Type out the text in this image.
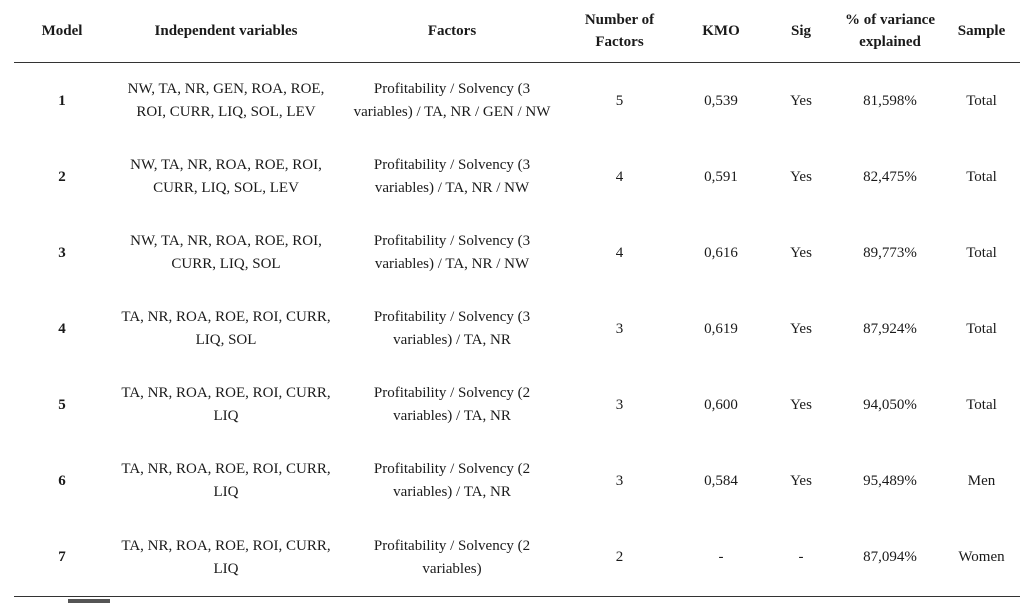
Model	Independent variables	Factors	Number of Factors	KMO	Sig	% of variance explained	Sample
1	NW, TA, NR, GEN, ROA, ROE, ROI, CURR, LIQ, SOL, LEV	Profitability / Solvency (3 variables) / TA, NR / GEN / NW	5	0,539	Yes	81,598%	Total
2	NW, TA, NR, ROA, ROE, ROI, CURR, LIQ, SOL, LEV	Profitability / Solvency (3 variables) / TA, NR / NW	4	0,591	Yes	82,475%	Total
3	NW, TA, NR, ROA, ROE, ROI, CURR, LIQ, SOL	Profitability / Solvency (3 variables) / TA, NR / NW	4	0,616	Yes	89,773%	Total
4	TA, NR, ROA, ROE, ROI, CURR, LIQ, SOL	Profitability / Solvency (3 variables) / TA, NR	3	0,619	Yes	87,924%	Total
5	TA, NR, ROA, ROE, ROI, CURR, LIQ	Profitability / Solvency (2 variables) / TA, NR	3	0,600	Yes	94,050%	Total
6	TA, NR, ROA, ROE, ROI, CURR, LIQ	Profitability / Solvency (2 variables) / TA, NR	3	0,584	Yes	95,489%	Men
7	TA, NR, ROA, ROE, ROI, CURR, LIQ	Profitability / Solvency (2 variables)	2	-	-	87,094%	Women
